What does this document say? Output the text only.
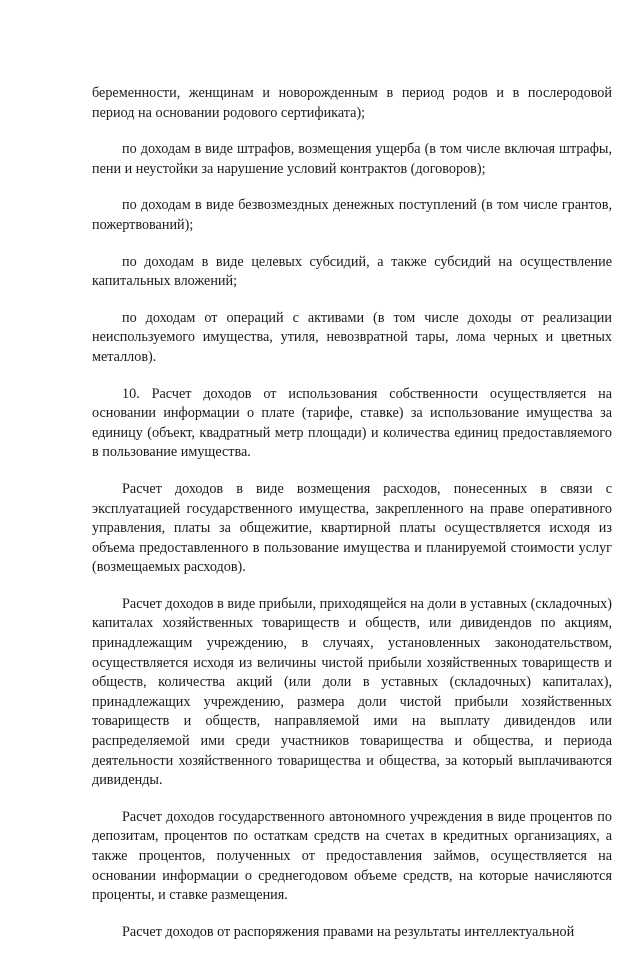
беременности, женщинам и новорожденным в период родов и в послеродовой период на основании родового сертификата);

по доходам в виде штрафов, возмещения ущерба (в том числе включая штрафы, пени и неустойки за нарушение условий контрактов (договоров);

по доходам в виде безвозмездных денежных поступлений (в том числе грантов, пожертвований);

по доходам в виде целевых субсидий, а также субсидий на осуществление капитальных вложений;

по доходам от операций с активами (в том числе доходы от реализации неиспользуемого имущества, утиля, невозвратной тары, лома черных и цветных металлов).

10. Расчет доходов от использования собственности осуществляется на основании информации о плате (тарифе, ставке) за использование имущества за единицу (объект, квадратный метр площади) и количества единиц предоставляемого в пользование имущества.

Расчет доходов в виде возмещения расходов, понесенных в связи с эксплуатацией государственного имущества, закрепленного на праве оперативного управления, платы за общежитие, квартирной платы осуществляется исходя из объема предоставленного в пользование имущества и планируемой стоимости услуг (возмещаемых расходов).

Расчет доходов в виде прибыли, приходящейся на доли в уставных (складочных) капиталах хозяйственных товариществ и обществ, или дивидендов по акциям, принадлежащим учреждению, в случаях, установленных законодательством, осуществляется исходя из величины чистой прибыли хозяйственных товариществ и обществ, количества акций (или доли в уставных (складочных) капиталах), принадлежащих учреждению, размера доли чистой прибыли хозяйственных товариществ и обществ, направляемой ими на выплату дивидендов или распределяемой ими среди участников товарищества и общества, и периода деятельности хозяйственного товарищества и общества, за который выплачиваются дивиденды.

Расчет доходов государственного автономного учреждения в виде процентов по депозитам, процентов по остаткам средств на счетах в кредитных организациях, а также процентов, полученных от предоставления займов, осуществляется на основании информации о среднегодовом объеме средств, на которые начисляются проценты, и ставке размещения.

Расчет доходов от распоряжения правами на результаты интеллектуальной
